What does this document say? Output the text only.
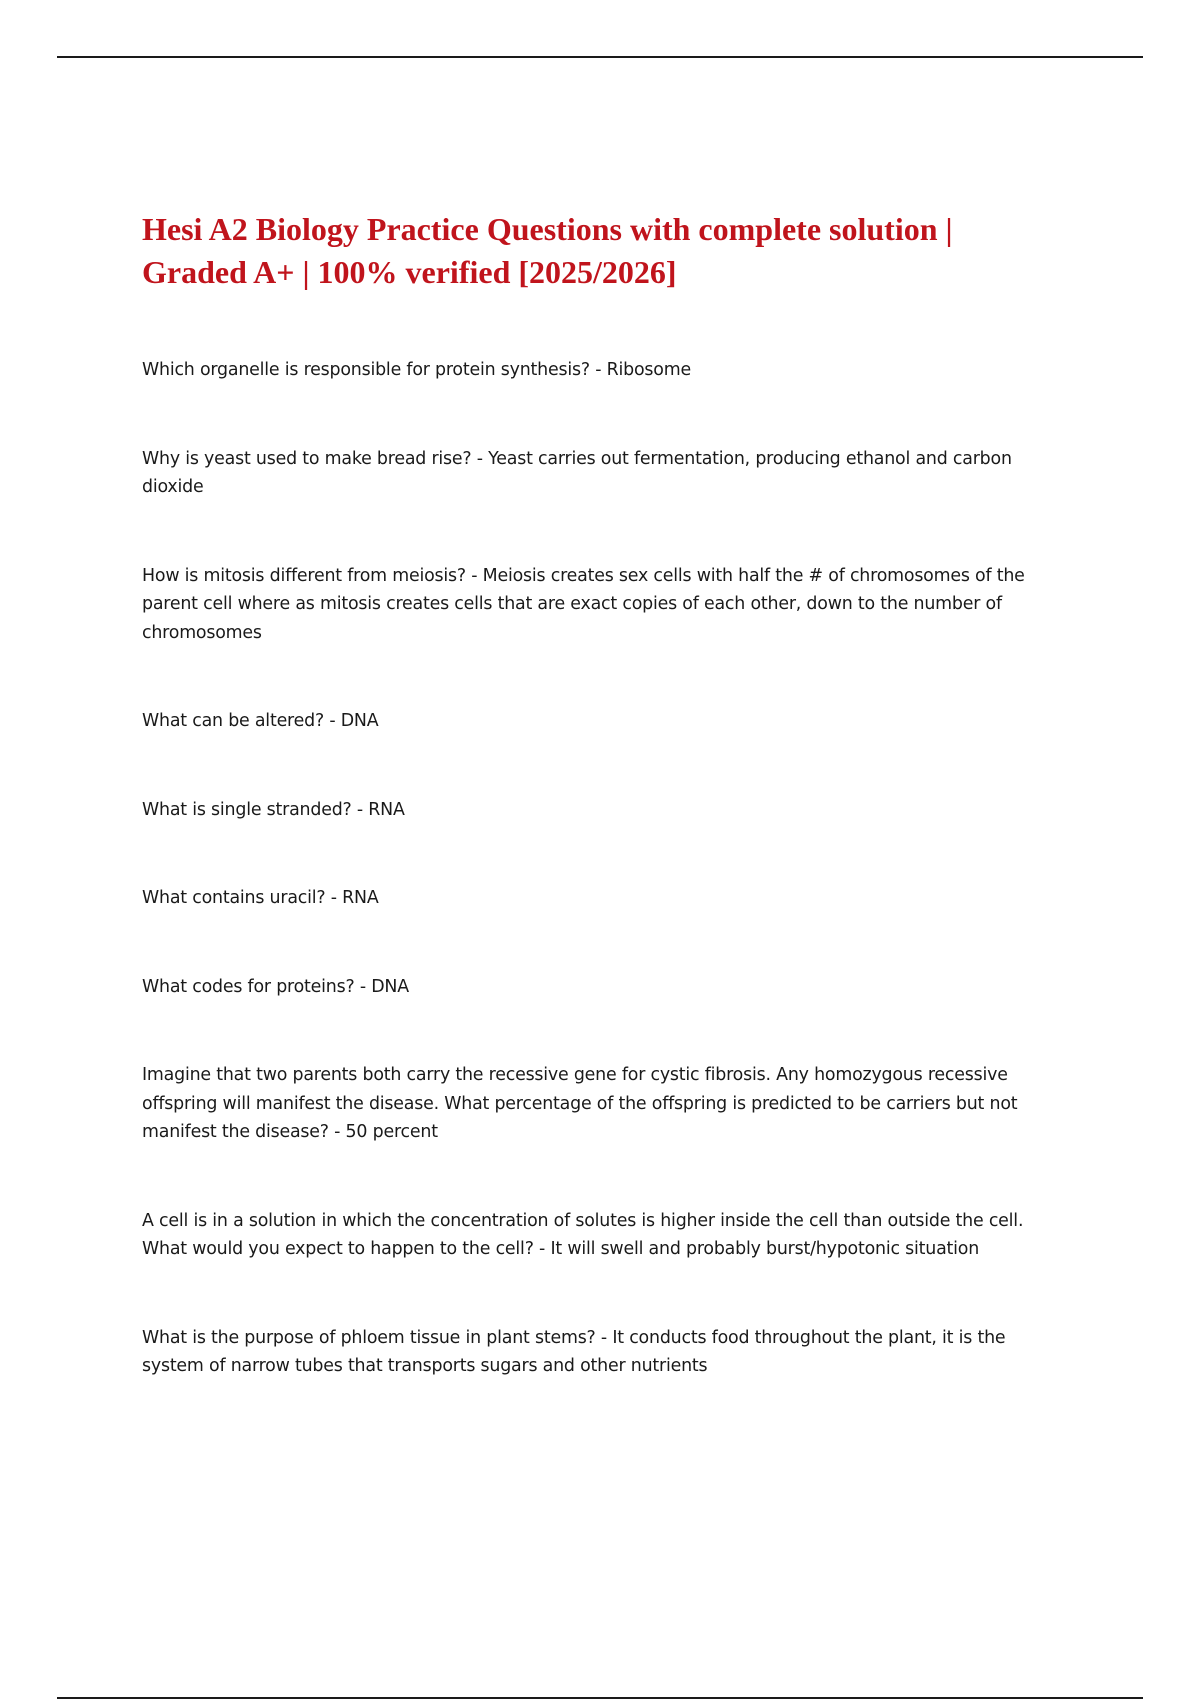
Hesi A2 Biology Practice Questions with complete solution | Graded A+ | 100% verified [2025/2026]
Which organelle is responsible for protein synthesis? - Ribosome
Why is yeast used to make bread rise? - Yeast carries out fermentation, producing ethanol and carbon dioxide
How is mitosis different from meiosis? - Meiosis creates sex cells with half the # of chromosomes of the parent cell where as mitosis creates cells that are exact copies of each other, down to the number of chromosomes
What can be altered? - DNA
What is single stranded? - RNA
What contains uracil? - RNA
What codes for proteins? - DNA
Imagine that two parents both carry the recessive gene for cystic fibrosis. Any homozygous recessive offspring will manifest the disease. What percentage of the offspring is predicted to be carriers but not manifest the disease? - 50 percent
A cell is in a solution in which the concentration of solutes is higher inside the cell than outside the cell. What would you expect to happen to the cell? - It will swell and probably burst/hypotonic situation
What is the purpose of phloem tissue in plant stems? - It conducts food throughout the plant, it is the system of narrow tubes that transports sugars and other nutrients
